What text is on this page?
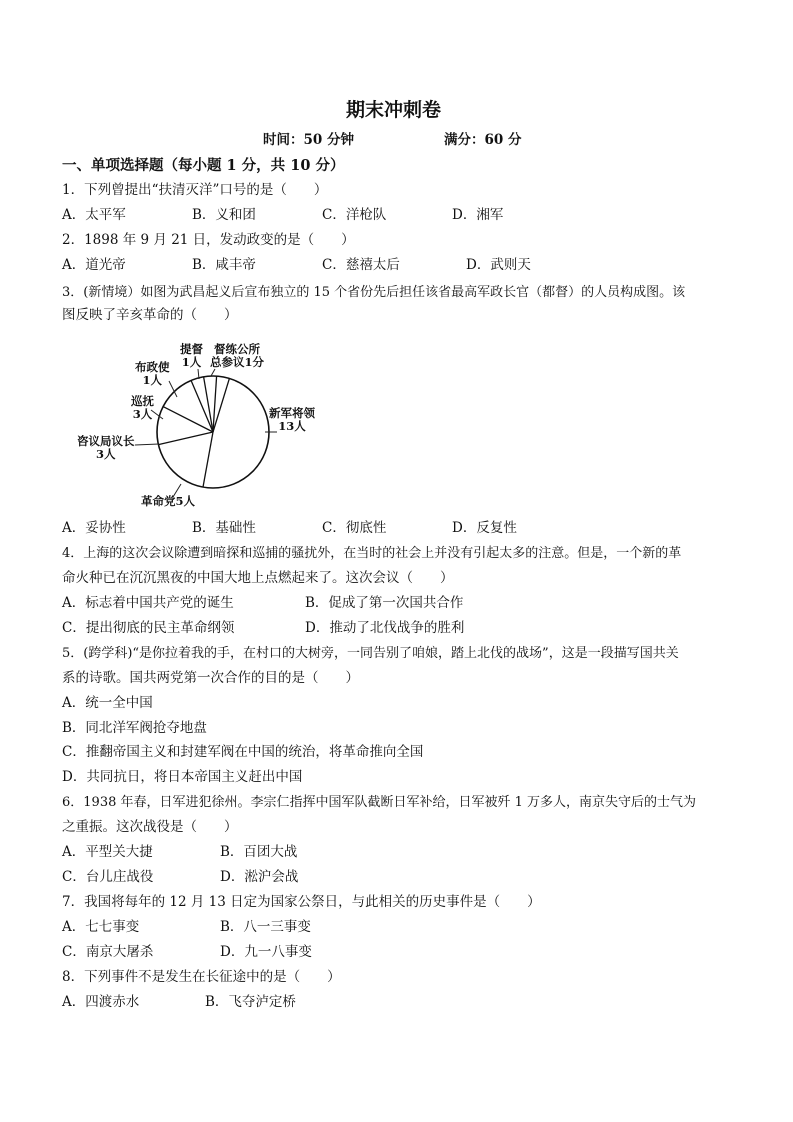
期末冲刺卷
时间：50 分钟	满分：60 分
一、单项选择题（每小题 1 分，共 10 分）
1．下列曾提出“扶清灭洋”口号的是（　　）
A．太平军	B．义和团	C．洋枪队	D．湘军
2．1898 年 9 月 21 日，发动政变的是（　　）
A．道光帝	B．咸丰帝	C．慈禧太后	D．武则天
3．(新情境）如图为武昌起义后宣布独立的 15 个省份先后担任该省最高军政长官（都督）的人员构成图。该
图反映了辛亥革命的（　　）
提督
1人
督练公所
总参议1分
布政使
1人
巡抚
3人
咨议局议长
3人
新军将领
13人
革命党5人
A．妥协性	B．基础性	C．彻底性	D．反复性
4．上海的这次会议除遭到暗探和巡捕的骚扰外，在当时的社会上并没有引起太多的注意。但是，一个新的革
命火种已在沉沉黑夜的中国大地上点燃起来了。这次会议（　　）
A．标志着中国共产党的诞生	B．促成了第一次国共合作
C．提出彻底的民主革命纲领	D．推动了北伐战争的胜利
5．(跨学科)“是你拉着我的手，在村口的大树旁，一同告别了咱娘，踏上北伐的战场”，这是一段描写国共关
系的诗歌。国共两党第一次合作的目的是（　　）
A．统一全中国
B．同北洋军阀抢夺地盘
C．推翻帝国主义和封建军阀在中国的统治，将革命推向全国
D．共同抗日，将日本帝国主义赶出中国
6．1938 年春，日军进犯徐州。李宗仁指挥中国军队截断日军补给，日军被歼 1 万多人，南京失守后的士气为
之重振。这次战役是（　　）
A．平型关大捷	B．百团大战
C．台儿庄战役	D．淞沪会战
7．我国将每年的 12 月 13 日定为国家公祭日，与此相关的历史事件是（　　）
A．七七事变	B．八一三事变
C．南京大屠杀	D．九一八事变
8．下列事件不是发生在长征途中的是（　　）
A．四渡赤水	B．飞夺泸定桥
